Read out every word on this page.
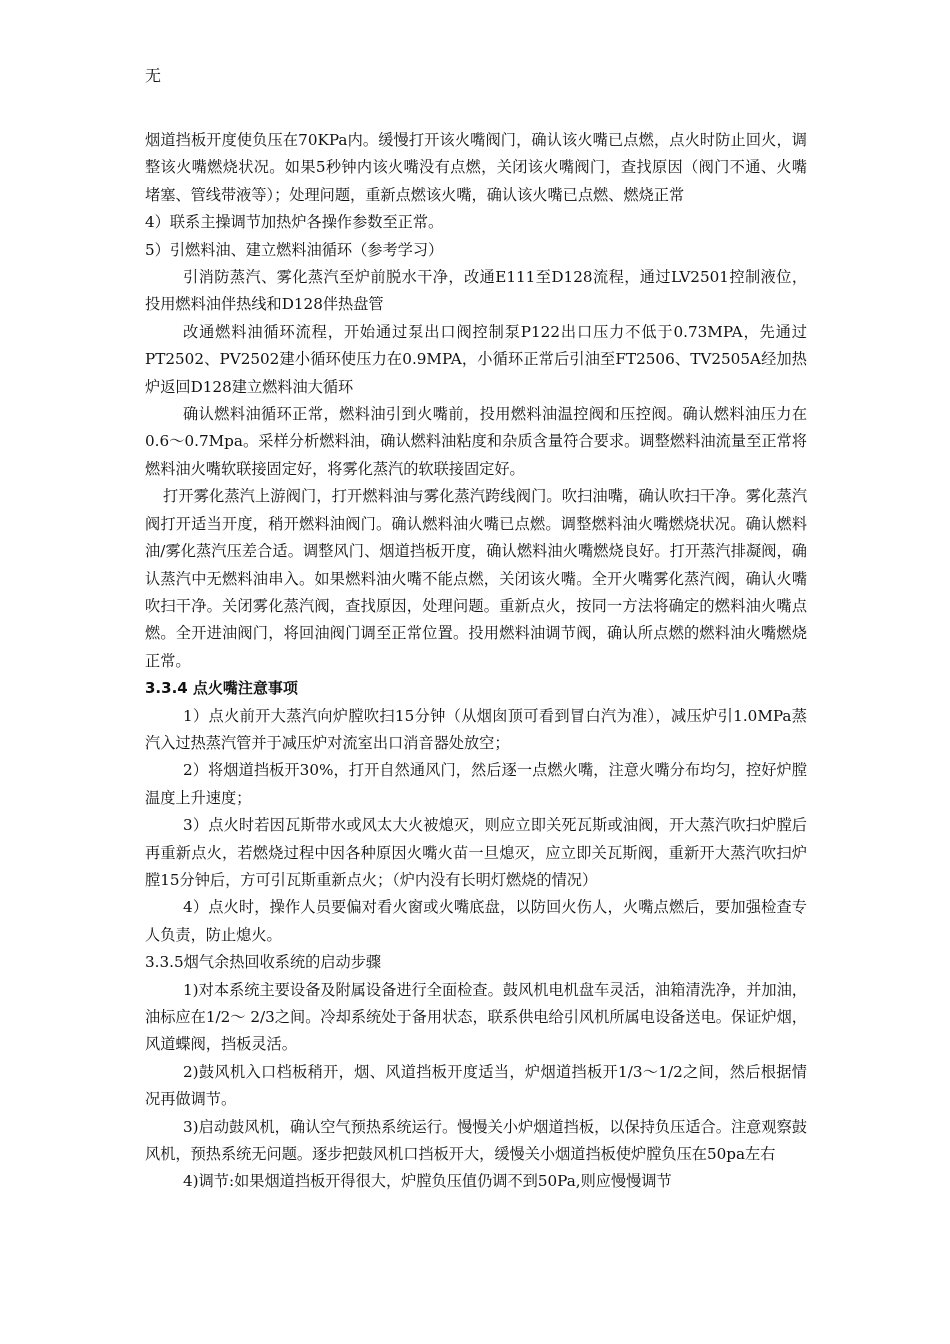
无

烟道挡板开度使负压在70KPa内。缓慢打开该火嘴阀门，确认该火嘴已点燃，点火时防止回火，调整该火嘴燃烧状况。如果5秒钟内该火嘴没有点燃，关闭该火嘴阀门，查找原因（阀门不通、火嘴堵塞、管线带液等）；处理问题，重新点燃该火嘴，确认该火嘴已点燃、燃烧正常

4）联系主操调节加热炉各操作参数至正常。

5）引燃料油、建立燃料油循环（参考学习）

引消防蒸汽、雾化蒸汽至炉前脱水干净，改通E111至D128流程，通过LV2501控制液位，投用燃料油伴热线和D128伴热盘管

改通燃料油循环流程，开始通过泵出口阀控制泵P122出口压力不低于0.73MPA，先通过PT2502、PV2502建小循环使压力在0.9MPA，小循环正常后引油至FT2506、TV2505A经加热炉返回D128建立燃料油大循环

确认燃料油循环正常，燃料油引到火嘴前，投用燃料油温控阀和压控阀。确认燃料油压力在0.6～0.7Mpa。采样分析燃料油，确认燃料油粘度和杂质含量符合要求。调整燃料油流量至正常将燃料油火嘴软联接固定好，将雾化蒸汽的软联接固定好。

打开雾化蒸汽上游阀门，打开燃料油与雾化蒸汽跨线阀门。吹扫油嘴，确认吹扫干净。雾化蒸汽阀打开适当开度，稍开燃料油阀门。确认燃料油火嘴已点燃。调整燃料油火嘴燃烧状况。确认燃料油/雾化蒸汽压差合适。调整风门、烟道挡板开度，确认燃料油火嘴燃烧良好。打开蒸汽排凝阀，确认蒸汽中无燃料油串入。如果燃料油火嘴不能点燃，关闭该火嘴。全开火嘴雾化蒸汽阀，确认火嘴吹扫干净。关闭雾化蒸汽阀，查找原因，处理问题。重新点火，按同一方法将确定的燃料油火嘴点燃。全开进油阀门，将回油阀门调至正常位置。投用燃料油调节阀，确认所点燃的燃料油火嘴燃烧正常。

3.3.4 点火嘴注意事项

1）点火前开大蒸汽向炉膛吹扫15分钟（从烟囱顶可看到冒白汽为准），减压炉引1.0MPa蒸汽入过热蒸汽管并于减压炉对流室出口消音器处放空；

2）将烟道挡板开30%，打开自然通风门，然后逐一点燃火嘴，注意火嘴分布均匀，控好炉膛温度上升速度；

3）点火时若因瓦斯带水或风太大火被熄灭，则应立即关死瓦斯或油阀，开大蒸汽吹扫炉膛后再重新点火，若燃烧过程中因各种原因火嘴火苗一旦熄灭，应立即关瓦斯阀，重新开大蒸汽吹扫炉膛15分钟后，方可引瓦斯重新点火；（炉内没有长明灯燃烧的情况）

4）点火时，操作人员要偏对看火窗或火嘴底盘，以防回火伤人，火嘴点燃后，要加强检查专人负责，防止熄火。

3.3.5烟气余热回收系统的启动步骤

1)对本系统主要设备及附属设备进行全面检查。鼓风机电机盘车灵活，油箱清洗净，并加油，油标应在1/2～ 2/3之间。冷却系统处于备用状态，联系供电给引风机所属电设备送电。保证炉烟，风道蝶阀，挡板灵活。

2)鼓风机入口档板稍开，烟、风道挡板开度适当，炉烟道挡板开1/3～1/2之间，然后根据情况再做调节。

3)启动鼓风机，确认空气预热系统运行。慢慢关小炉烟道挡板，以保持负压适合。注意观察鼓风机，预热系统无问题。逐步把鼓风机口挡板开大，缓慢关小烟道挡板使炉膛负压在50pa左右

4)调节:如果烟道挡板开得很大，炉膛负压值仍调不到50Pa,则应慢慢调节
